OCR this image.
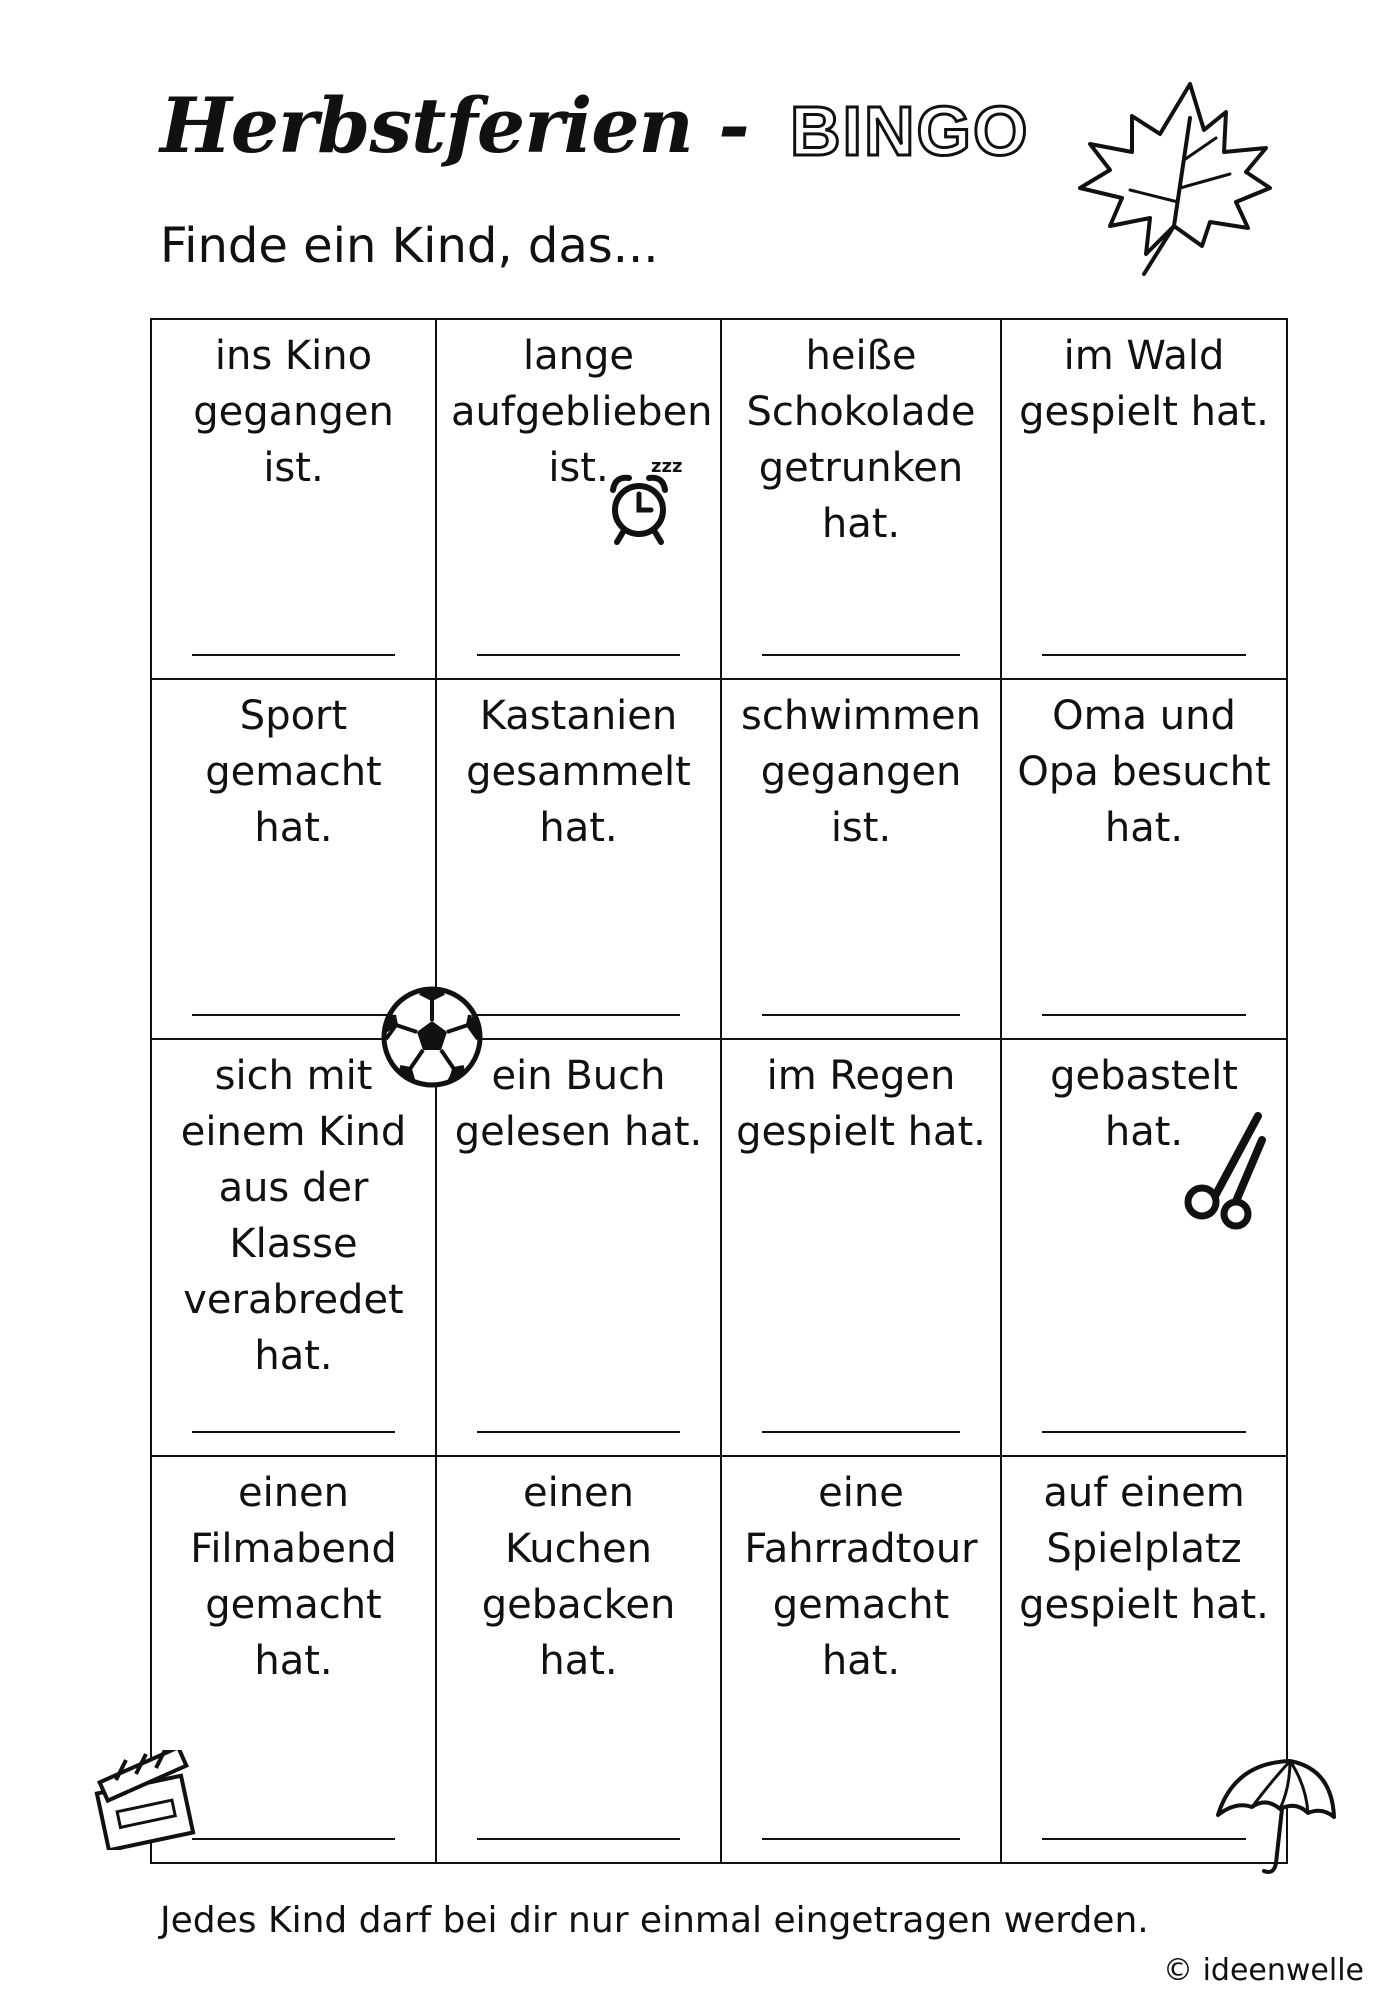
Herbstferien - BINGO
Finde ein Kind, das...
ins Kino
gegangen
ist.
lange
aufgeblieben
ist.	zzz
heiße
Schokolade
getrunken
hat.
im Wald
gespielt hat.
Sport
gemacht
hat.
Kastanien
gesammelt
hat.
schwimmen
gegangen
ist.
Oma und
Opa besucht
hat.
sich mit
einem Kind
aus der
Klasse
verabredet
hat.
ein Buch
gelesen hat.
im Regen
gespielt hat.
gebastelt
hat.
einen
Filmabend
gemacht
hat.
einen
Kuchen
gebacken
hat.
eine
Fahrradtour
gemacht
hat.
auf einem
Spielplatz
gespielt hat.
Jedes Kind darf bei dir nur einmal eingetragen werden.
© ideenwelle
